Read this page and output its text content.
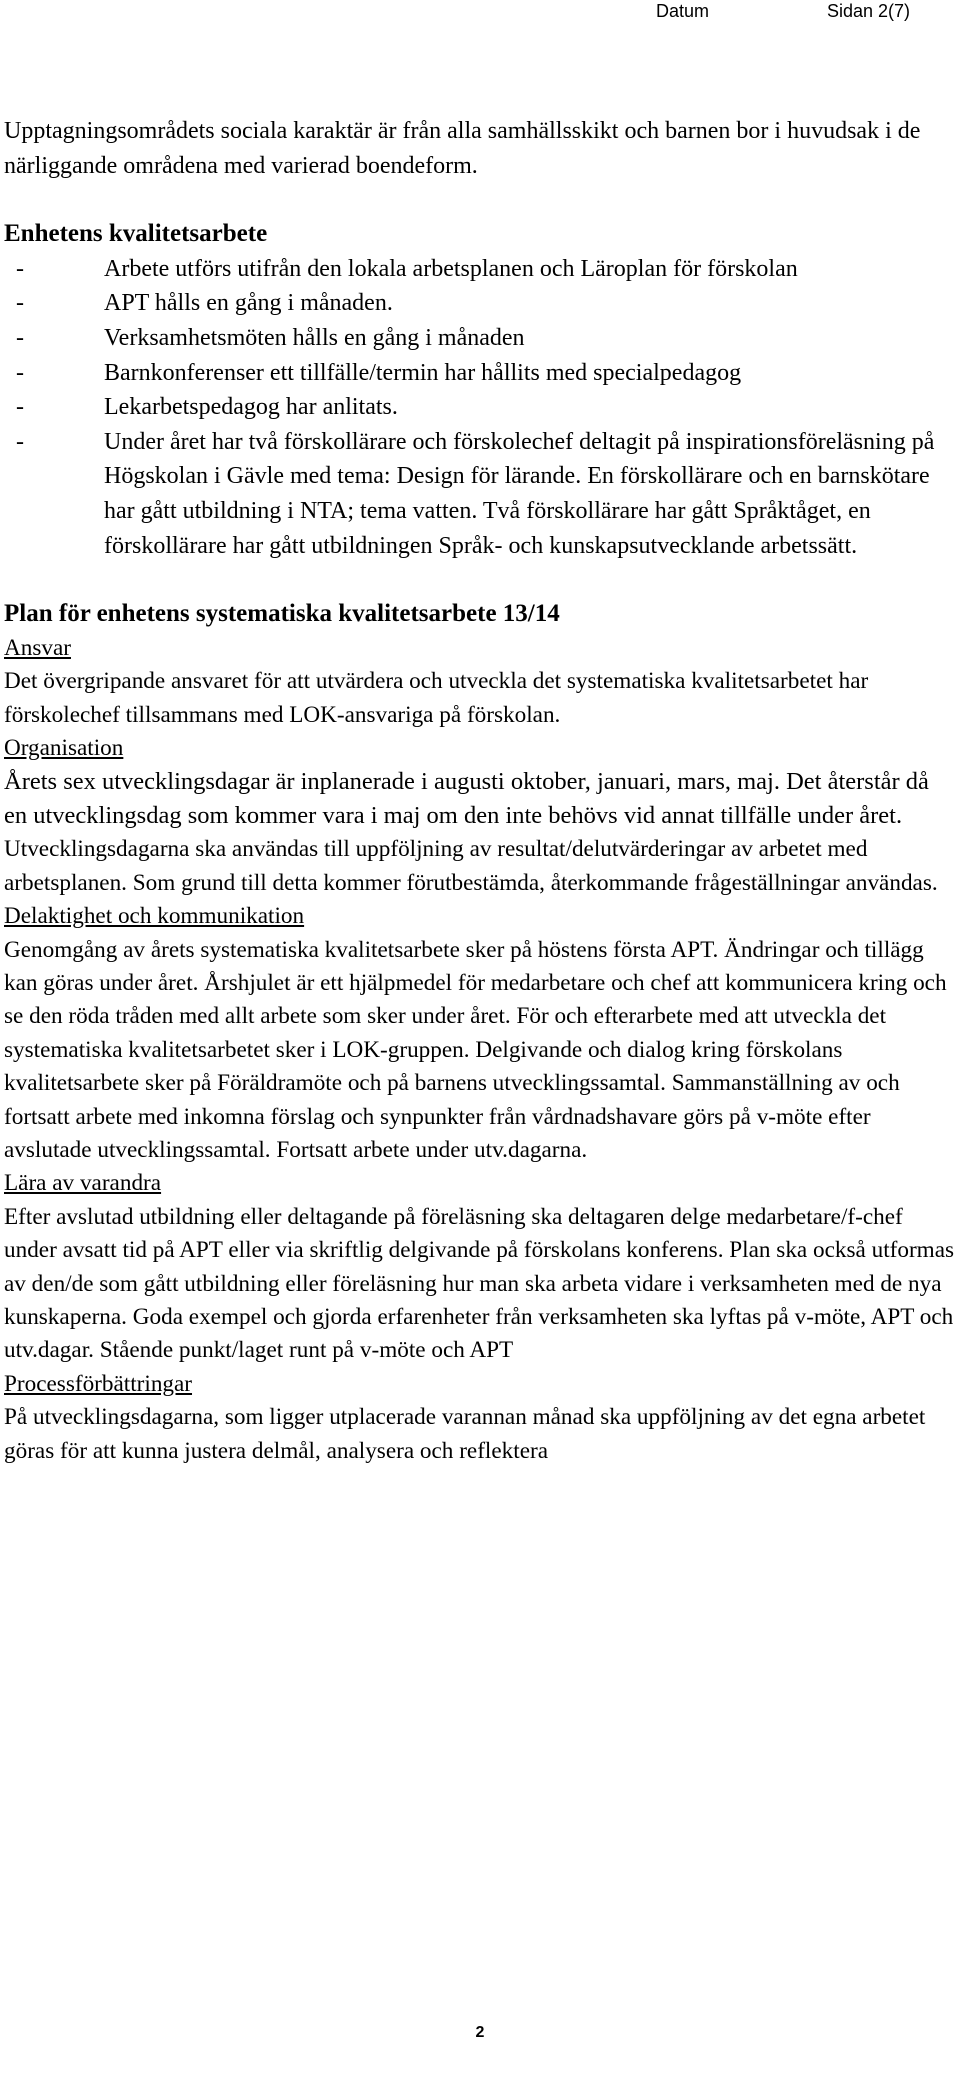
Datum	Sidan 2(7)

Upptagningsområdets sociala karaktär är från alla samhällsskikt och barnen bor i huvudsak i de närliggande områdena med varierad boendeform.

Enhetens kvalitetsarbete

- Arbete utförs utifrån den lokala arbetsplanen och Läroplan för förskolan
- APT hålls en gång i månaden.
- Verksamhetsmöten hålls en gång i månaden
- Barnkonferenser ett tillfälle/termin har hållits med specialpedagog
- Lekarbetspedagog har anlitats.
- Under året har två förskollärare och förskolechef deltagit på inspirationsföreläsning på Högskolan i Gävle med tema: Design för lärande. En förskollärare och en barnskötare har gått utbildning i NTA; tema vatten. Två förskollärare har gått Språktåget, en förskollärare har gått utbildningen Språk- och kunskapsutvecklande arbetssätt.

Plan för enhetens systematiska kvalitetsarbete 13/14

Ansvar

Det övergripande ansvaret för att utvärdera och utveckla det systematiska kvalitetsarbetet har förskolechef tillsammans med LOK-ansvariga på förskolan.

Organisation

Årets sex utvecklingsdagar är inplanerade i augusti oktober, januari, mars, maj. Det återstår då en utvecklingsdag som kommer vara i maj om den inte behövs vid annat tillfälle under året.

Utvecklingsdagarna ska användas till uppföljning av resultat/delutvärderingar av arbetet med arbetsplanen. Som grund till detta kommer förutbestämda, återkommande frågeställningar användas.

Delaktighet och kommunikation

Genomgång av årets systematiska kvalitetsarbete sker på höstens första APT. Ändringar och tillägg kan göras under året. Årshjulet är ett hjälpmedel för medarbetare och chef att kommunicera kring och se den röda tråden med allt arbete som sker under året. För och efterarbete med att utveckla det systematiska kvalitetsarbetet sker i LOK-gruppen. Delgivande och dialog kring förskolans kvalitetsarbete sker på Föräldramöte och på barnens utvecklingssamtal. Sammanställning av och fortsatt arbete med inkomna förslag och synpunkter från vårdnadshavare görs på v-möte efter avslutade utvecklingssamtal. Fortsatt arbete under utv.dagarna.

Lära av varandra

Efter avslutad utbildning eller deltagande på föreläsning ska deltagaren delge medarbetare/f-chef under avsatt tid på APT eller via skriftlig delgivande på förskolans konferens. Plan ska också utformas av den/de som gått utbildning eller föreläsning hur man ska arbeta vidare i verksamheten med de nya kunskaperna. Goda exempel och gjorda erfarenheter från verksamheten ska lyftas på v-möte, APT och utv.dagar. Stående punkt/laget runt på v-möte och APT

Processförbättringar

På utvecklingsdagarna, som ligger utplacerade varannan månad ska uppföljning av det egna arbetet göras för att kunna justera delmål, analysera och reflektera

2
